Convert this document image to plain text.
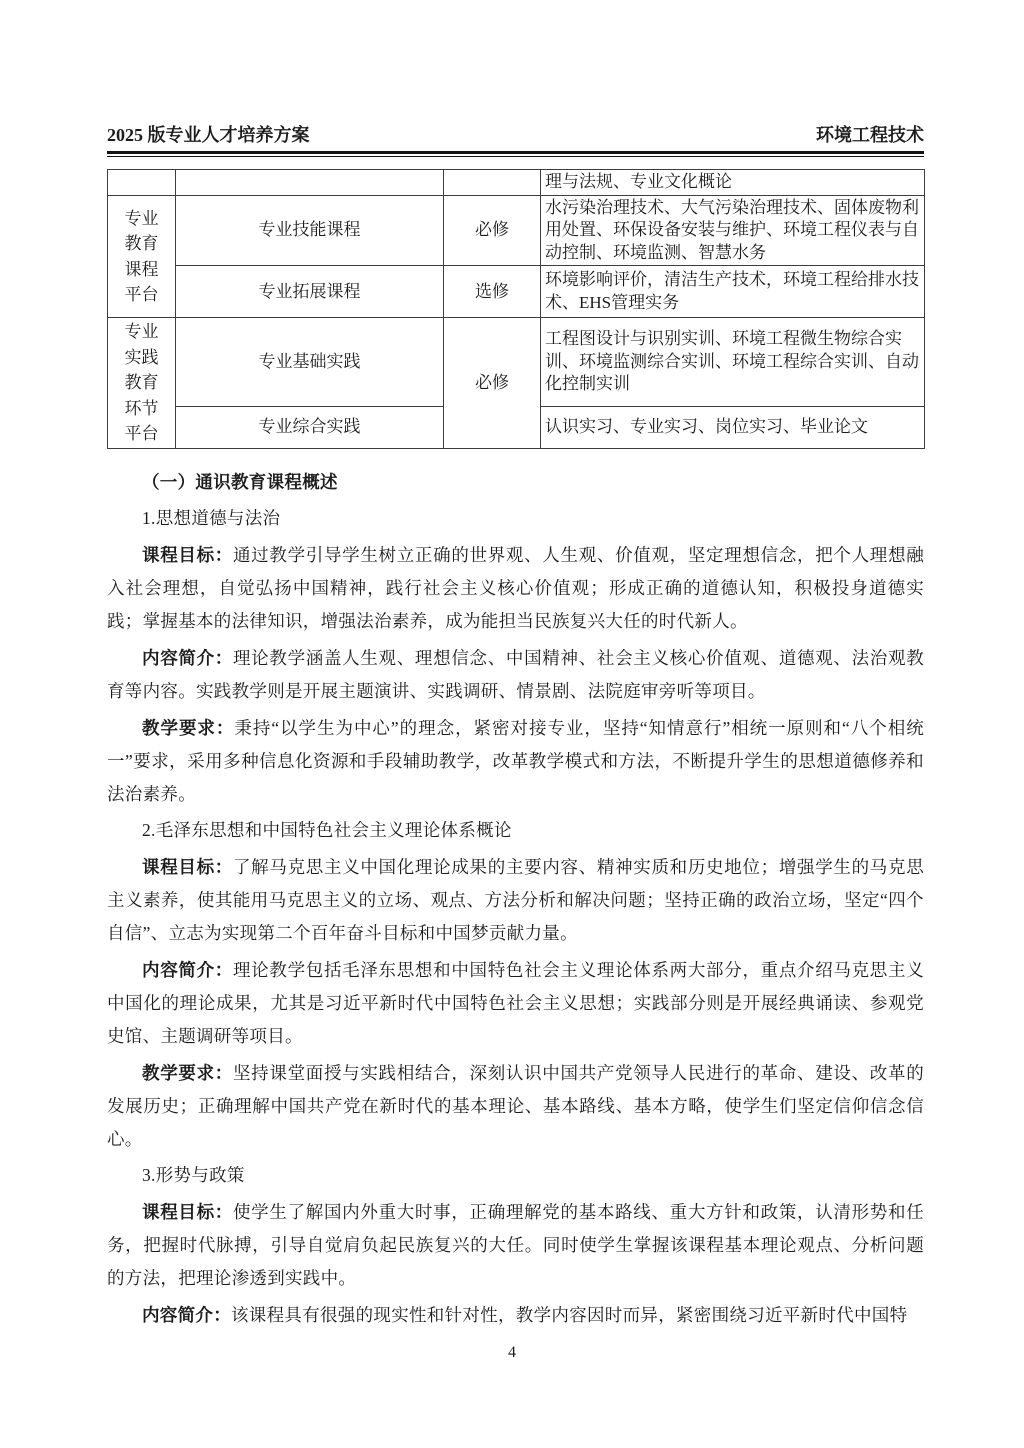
2025 版专业人才培养方案	环境工程技术
			理与法规、专业文化概论

专业教育课程平台	专业技能课程	必修	水污染治理技术、大气污染治理技术、固体废物利用处置、环保设备安装与维护、环境工程仪表与自动控制、环境监测、智慧水务
	专业拓展课程	选修	环境影响评价，清洁生产技术，环境工程给排水技术、EHS管理实务

专业实践教育环节平台	专业基础实践	必修	工程图设计与识别实训、环境工程微生物综合实训、环境监测综合实训、环境工程综合实训、自动化控制实训
	专业综合实践		认识实习、专业实习、岗位实习、毕业论文
（一）通识教育课程概述

1.思想道德与法治

课程目标：通过教学引导学生树立正确的世界观、人生观、价值观，坚定理想信念，把个人理想融入社会理想，自觉弘扬中国精神，践行社会主义核心价值观；形成正确的道德认知，积极投身道德实践；掌握基本的法律知识，增强法治素养，成为能担当民族复兴大任的时代新人。

内容简介：理论教学涵盖人生观、理想信念、中国精神、社会主义核心价值观、道德观、法治观教育等内容。实践教学则是开展主题演讲、实践调研、情景剧、法院庭审旁听等项目。

教学要求：秉持“以学生为中心”的理念，紧密对接专业，坚持“知情意行”相统一原则和“八个相统一”要求，采用多种信息化资源和手段辅助教学，改革教学模式和方法，不断提升学生的思想道德修养和法治素养。

2.毛泽东思想和中国特色社会主义理论体系概论

课程目标：了解马克思主义中国化理论成果的主要内容、精神实质和历史地位；增强学生的马克思主义素养，使其能用马克思主义的立场、观点、方法分析和解决问题；坚持正确的政治立场，坚定“四个自信”、立志为实现第二个百年奋斗目标和中国梦贡献力量。

内容简介：理论教学包括毛泽东思想和中国特色社会主义理论体系两大部分，重点介绍马克思主义中国化的理论成果，尤其是习近平新时代中国特色社会主义思想；实践部分则是开展经典诵读、参观党史馆、主题调研等项目。

教学要求：坚持课堂面授与实践相结合，深刻认识中国共产党领导人民进行的革命、建设、改革的发展历史；正确理解中国共产党在新时代的基本理论、基本路线、基本方略，使学生们坚定信仰信念信心。

3.形势与政策

课程目标：使学生了解国内外重大时事，正确理解党的基本路线、重大方针和政策，认清形势和任务，把握时代脉搏，引导自觉肩负起民族复兴的大任。同时使学生掌握该课程基本理论观点、分析问题的方法，把理论渗透到实践中。

内容简介：该课程具有很强的现实性和针对性，教学内容因时而异，紧密围绕习近平新时代中国特

4
